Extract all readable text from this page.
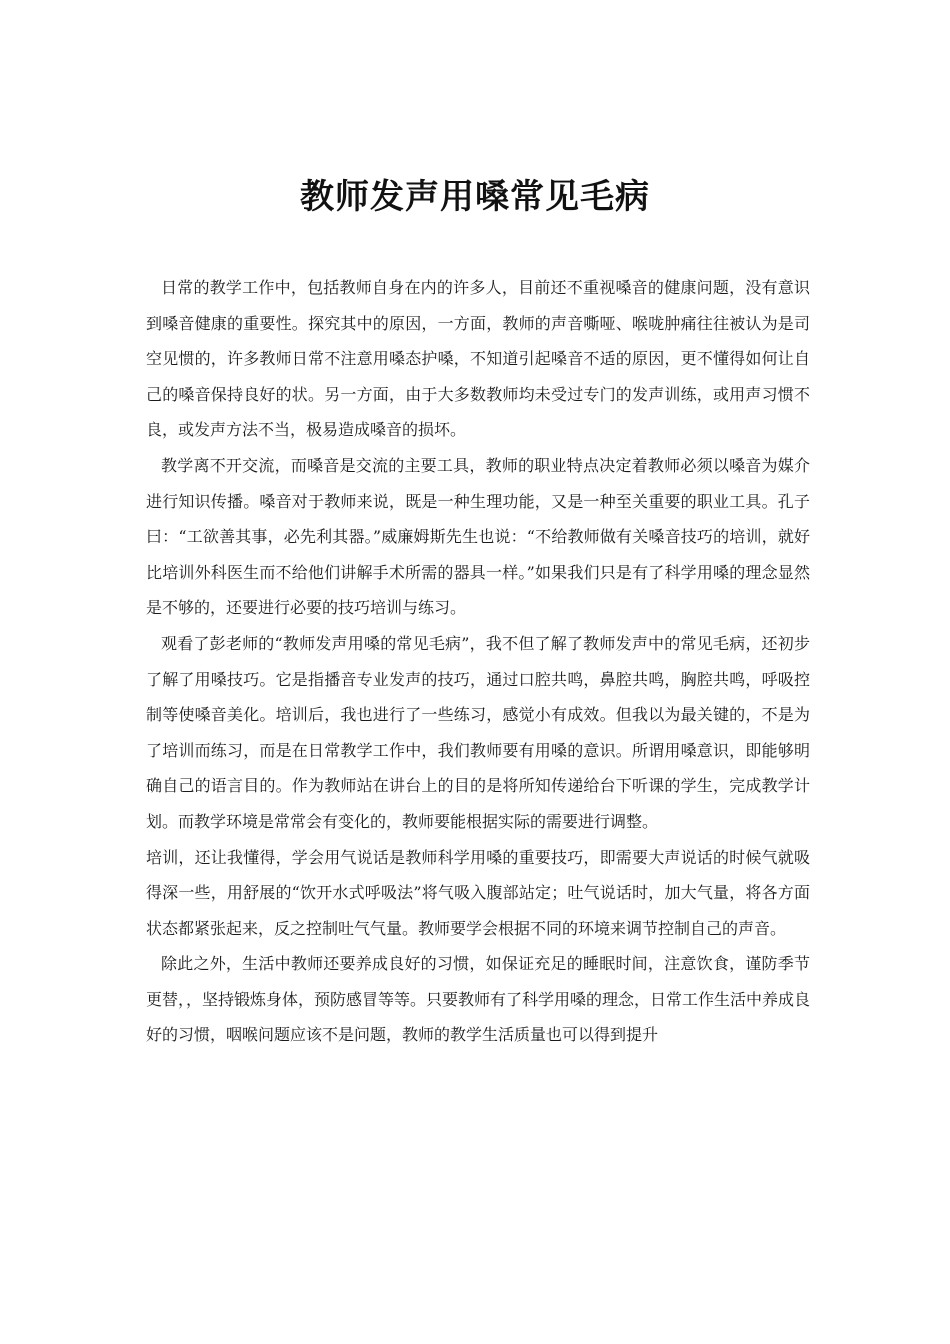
教师发声用嗓常见毛病

日常的教学工作中，包括教师自身在内的许多人，目前还不重视嗓音的健康问题，没有意识到嗓音健康的重要性。探究其中的原因，一方面，教师的声音嘶哑、喉咙肿痛往往被认为是司空见惯的，许多教师日常不注意用嗓态护嗓，不知道引起嗓音不适的原因，更不懂得如何让自己的嗓音保持良好的状。另一方面，由于大多数教师均未受过专门的发声训练，或用声习惯不良，或发声方法不当，极易造成嗓音的损坏。

教学离不开交流，而嗓音是交流的主要工具，教师的职业特点决定着教师必须以嗓音为媒介进行知识传播。嗓音对于教师来说，既是一种生理功能，又是一种至关重要的职业工具。孔子曰：“工欲善其事，必先利其器。”威廉姆斯先生也说：“不给教师做有关嗓音技巧的培训，就好比培训外科医生而不给他们讲解手术所需的器具一样。”如果我们只是有了科学用嗓的理念显然是不够的，还要进行必要的技巧培训与练习。

观看了彭老师的“教师发声用嗓的常见毛病”，我不但了解了教师发声中的常见毛病，还初步了解了用嗓技巧。它是指播音专业发声的技巧，通过口腔共鸣，鼻腔共鸣，胸腔共鸣，呼吸控制等使嗓音美化。培训后，我也进行了一些练习，感觉小有成效。但我以为最关键的，不是为了培训而练习，而是在日常教学工作中，我们教师要有用嗓的意识。所谓用嗓意识，即能够明确自己的语言目的。作为教师站在讲台上的目的是将所知传递给台下听课的学生，完成教学计划。而教学环境是常常会有变化的，教师要能根据实际的需要进行调整。

培训，还让我懂得，学会用气说话是教师科学用嗓的重要技巧，即需要大声说话的时候气就吸得深一些，用舒展的“饮开水式呼吸法”将气吸入腹部站定；吐气说话时，加大气量，将各方面状态都紧张起来，反之控制吐气气量。教师要学会根据不同的环境来调节控制自己的声音。

除此之外，生活中教师还要养成良好的习惯，如保证充足的睡眠时间，注意饮食，谨防季节更替，，坚持锻炼身体，预防感冒等等。只要教师有了科学用嗓的理念，日常工作生活中养成良好的习惯，咽喉问题应该不是问题，教师的教学生活质量也可以得到提升
